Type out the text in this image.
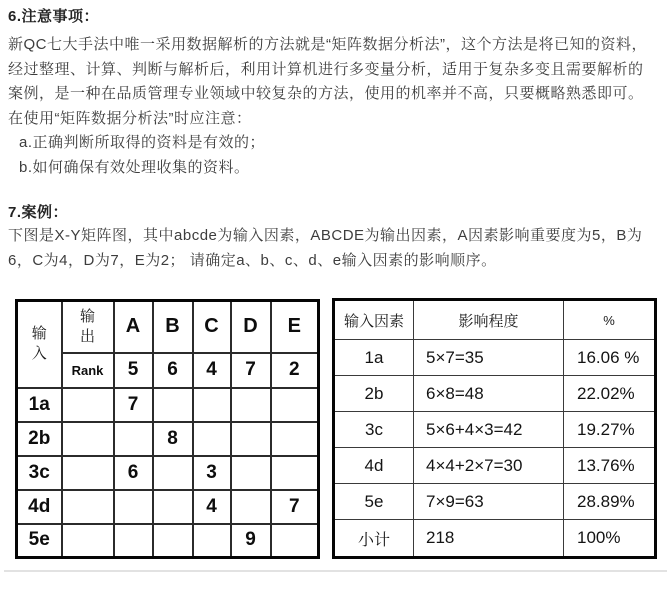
6.注意事项：
新QC七大手法中唯一采用数据解析的方法就是“矩阵数据分析法”，这个方法是将已知的资料，
经过整理、计算、判断与解析后，利用计算机进行多变量分析，适用于复杂多变且需要解析的
案例，是一种在品质管理专业领域中较复杂的方法，使用的机率并不高，只要概略熟悉即可。
在使用“矩阵数据分析法”时应注意：
a.正确判断所取得的资料是有效的；
b.如何确保有效处理收集的资料。
7.案例：
下图是X-Y矩阵图，其中abcde为输入因素，ABCDE为输出因素，A因素影响重要度为5，B为
6，C为4，D为7，E为2； 请确定a、b、c、d、e输入因素的影响顺序。
输入	输出	A	B	C	D	E
	Rank	5	6	4	7	2
1a		7				
2b			8			
3c		6		3		
4d				4		7
5e					9	
输入因素	影响程度	%
1a	5×7=35	16.06 %
2b	6×8=48	22.02%
3c	5×6+4×3=42	19.27%
4d	4×4+2×7=30	13.76%
5e	7×9=63	28.89%
小计	218	100%
